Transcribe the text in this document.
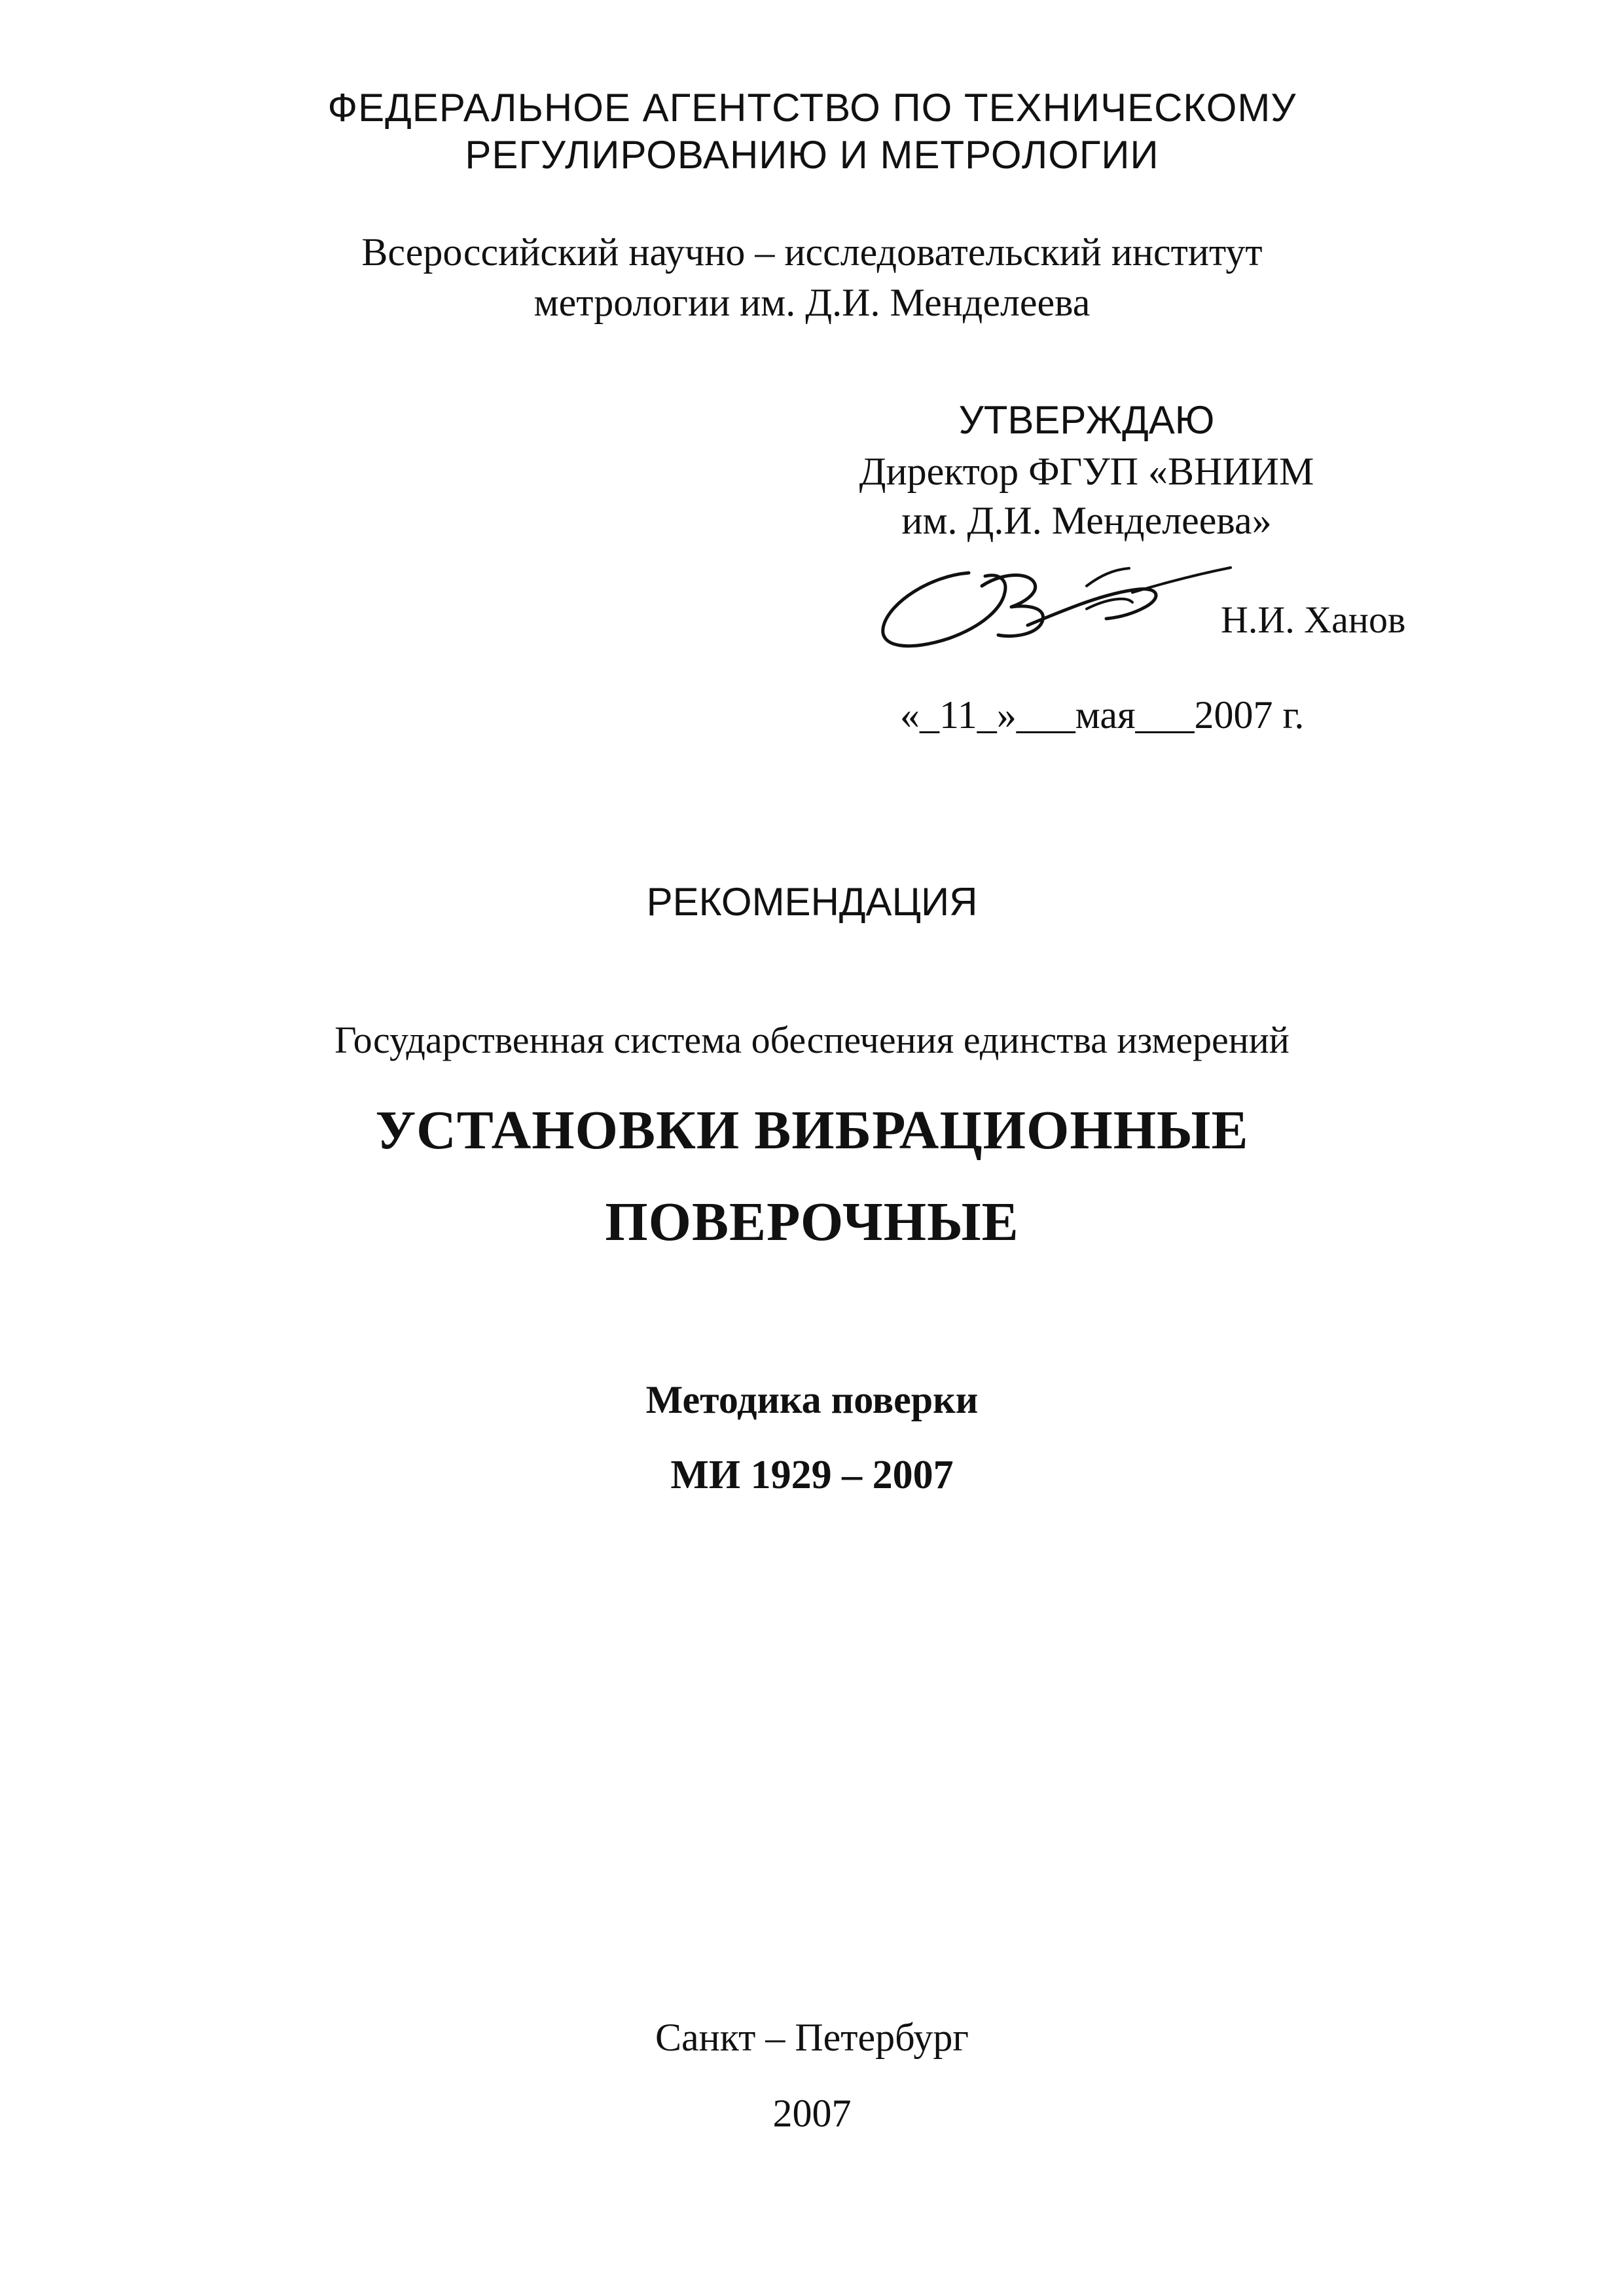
ФЕДЕРАЛЬНОЕ АГЕНТСТВО ПО ТЕХНИЧЕСКОМУ
РЕГУЛИРОВАНИЮ И МЕТРОЛОГИИ
Всероссийский научно – исследовательский институт
метрологии им. Д.И. Менделеева
УТВЕРЖДАЮ
Директор ФГУП «ВНИИМ
им. Д.И. Менделеева»
Н.И. Ханов
«_11_»___мая___2007 г.
РЕКОМЕНДАЦИЯ
Государственная система обеспечения единства измерений
УСТАНОВКИ ВИБРАЦИОННЫЕ
ПОВЕРОЧНЫЕ
Методика поверки
МИ 1929 – 2007
Санкт – Петербург
2007
